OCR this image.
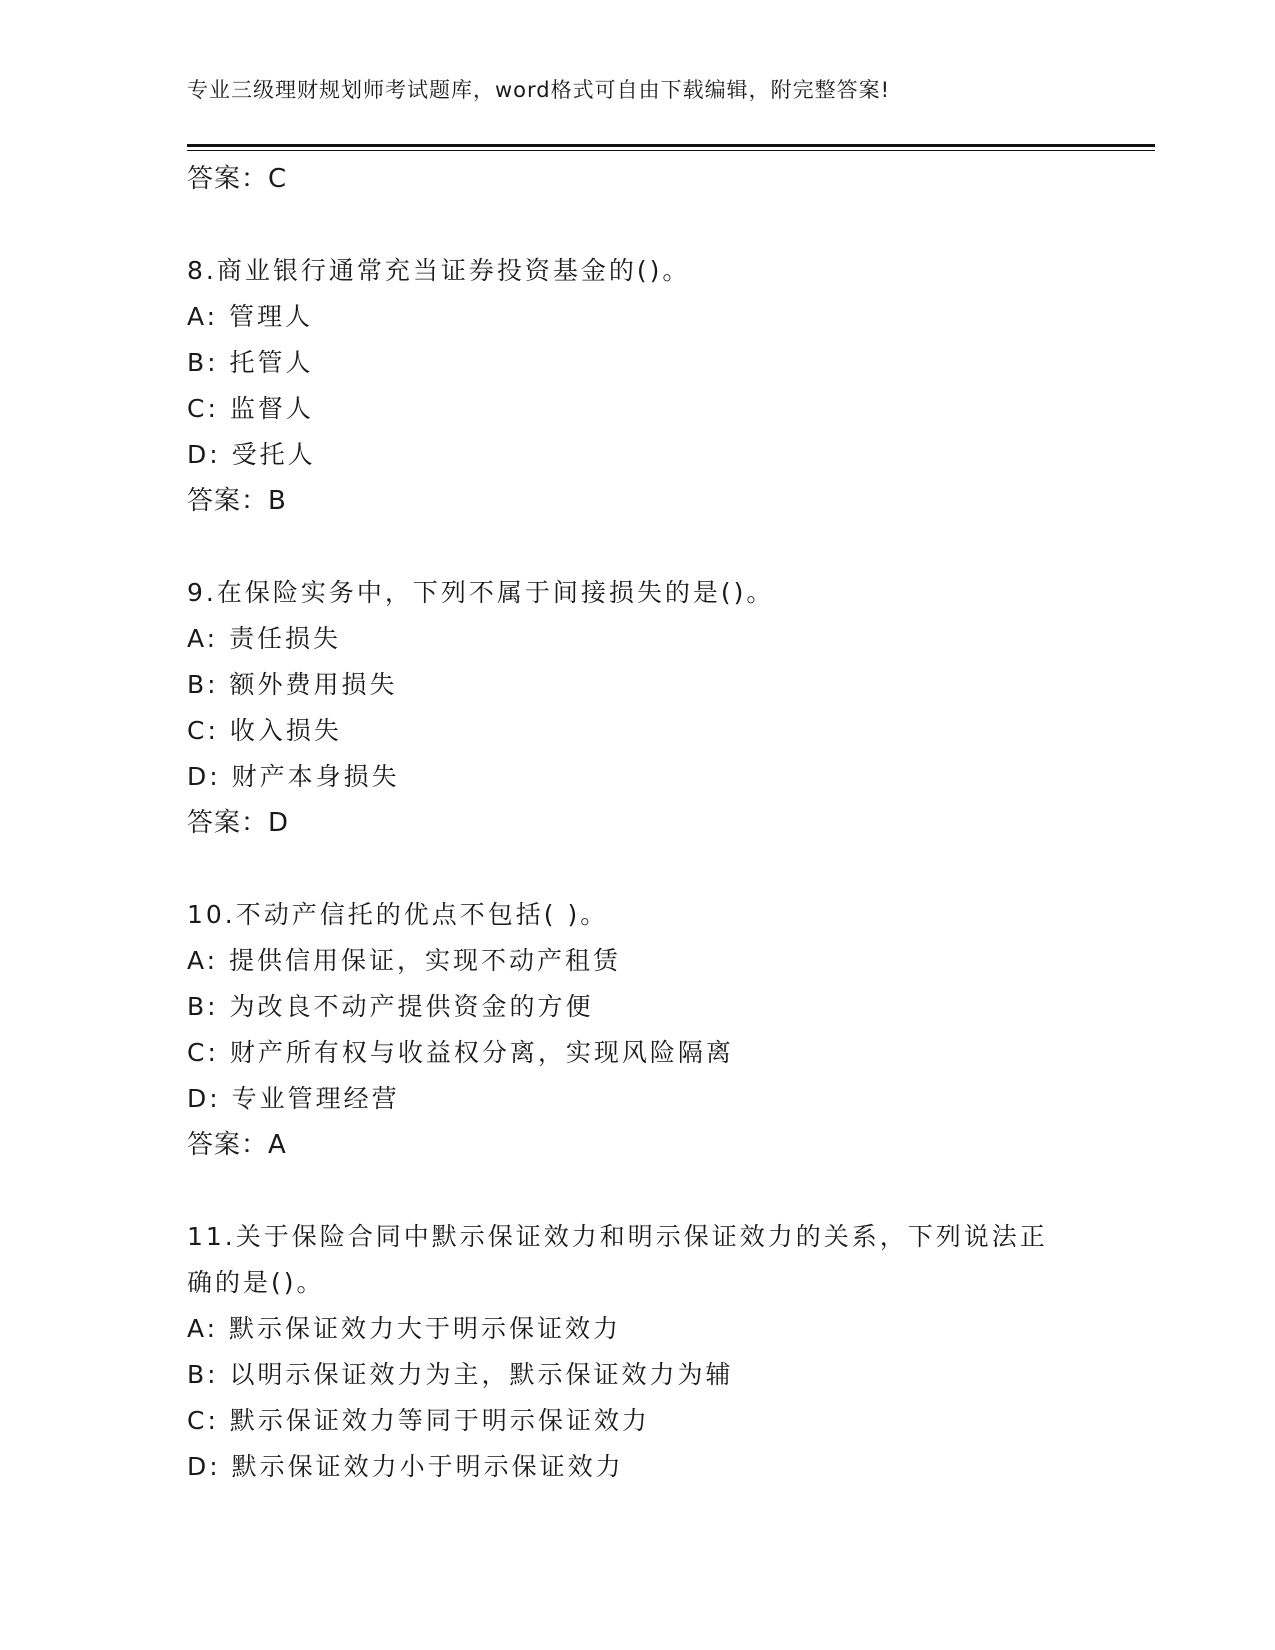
专业三级理财规划师考试题库，word格式可自由下载编辑，附完整答案!
答案：C
8.商业银行通常充当证券投资基金的()。
A: 管理人
B: 托管人
C: 监督人
D: 受托人
答案：B
9.在保险实务中，下列不属于间接损失的是()。
A: 责任损失
B: 额外费用损失
C: 收入损失
D: 财产本身损失
答案：D
10.不动产信托的优点不包括( )。
A: 提供信用保证，实现不动产租赁
B: 为改良不动产提供资金的方便
C: 财产所有权与收益权分离，实现风险隔离
D: 专业管理经营
答案：A
11.关于保险合同中默示保证效力和明示保证效力的关系，下列说法正
确的是()。
A: 默示保证效力大于明示保证效力
B: 以明示保证效力为主，默示保证效力为辅
C: 默示保证效力等同于明示保证效力
D: 默示保证效力小于明示保证效力
